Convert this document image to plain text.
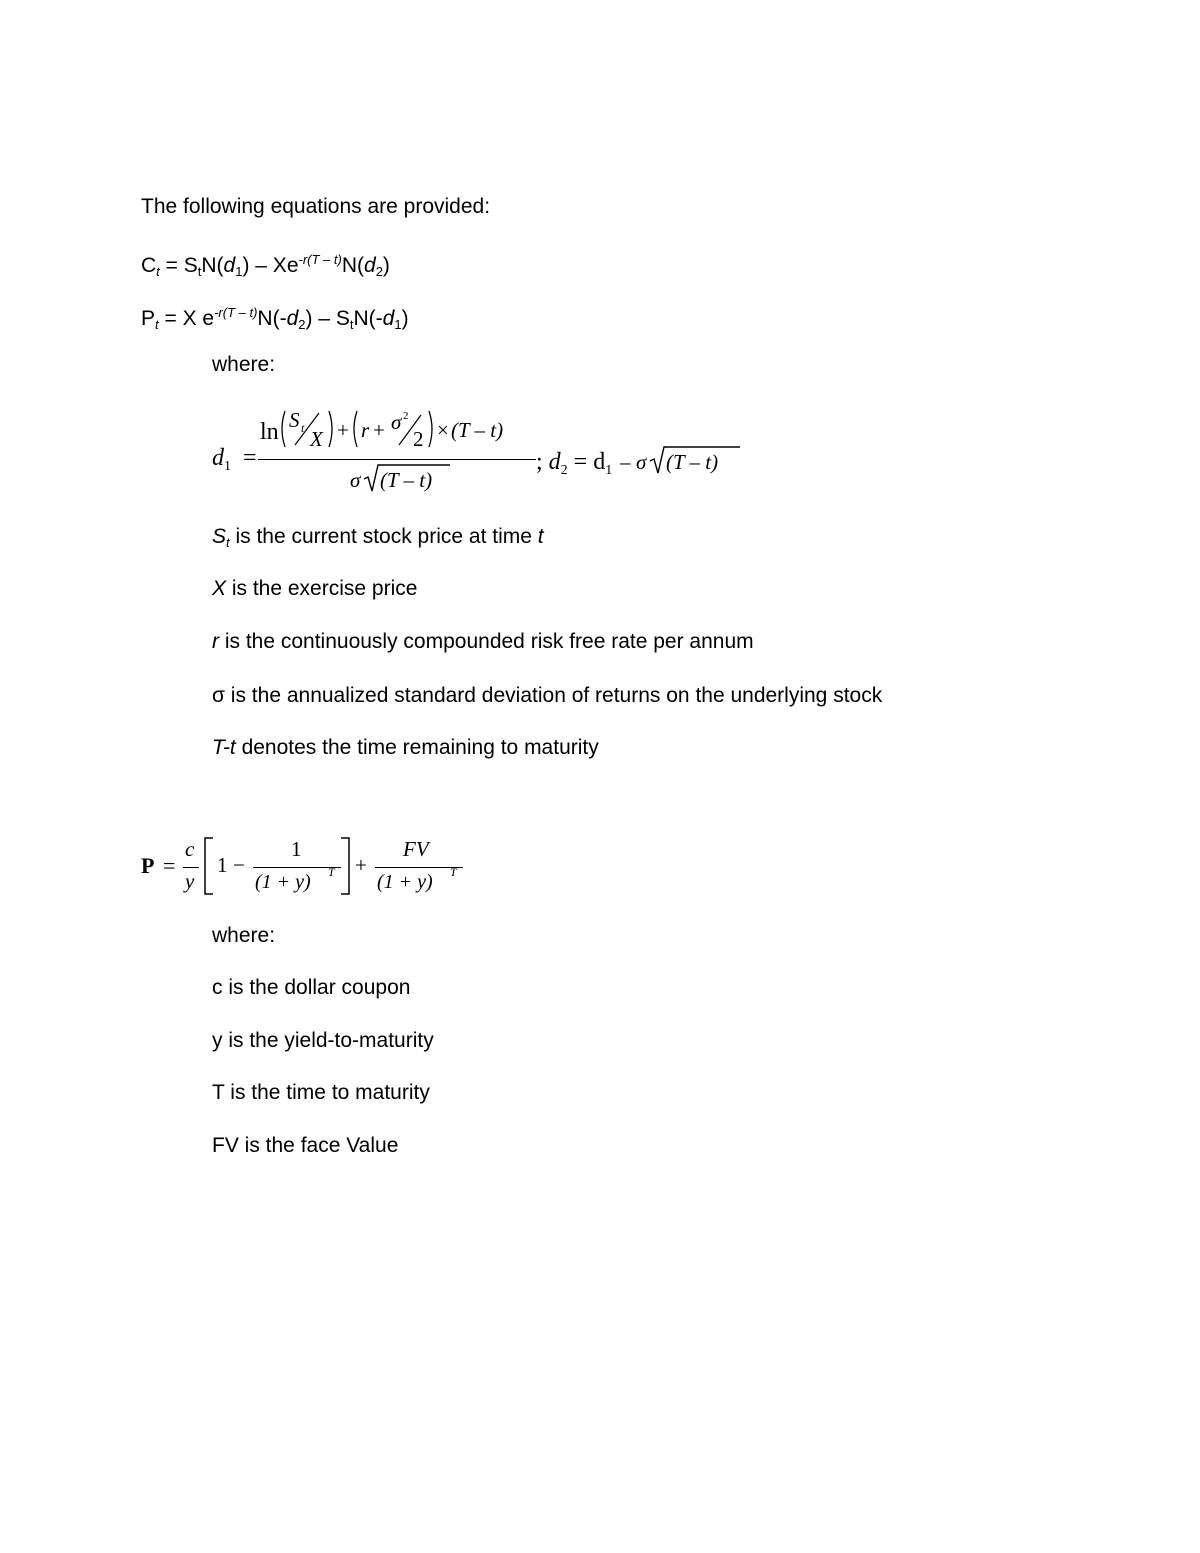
The following equations are provided:
$Ct = StN(d1) - Xe^{-r(T - t)}N(d2)$
Pt = X $e^{-r(T - t)}N(-d2) - StN(-d1)$
where:
$d_1$ =
ln S t X + r + σ 2
2 × (T – t)
σ (T – t)
; $d_2 = d_1 - \sigma$ (T – t)
St is the current stock price at time t
X is the exercise price
r is the continuously compounded risk free rate per annum
σ is the annualized standard deviation of returns on the underlying stock
T-t denotes the time remaining to maturity
P =
c
y
1 −
1
(1 + y) T +
FV
(1 + y) T
where:
c is the dollar coupon
y is the yield-to-maturity
T is the time to maturity
FV is the face Value
